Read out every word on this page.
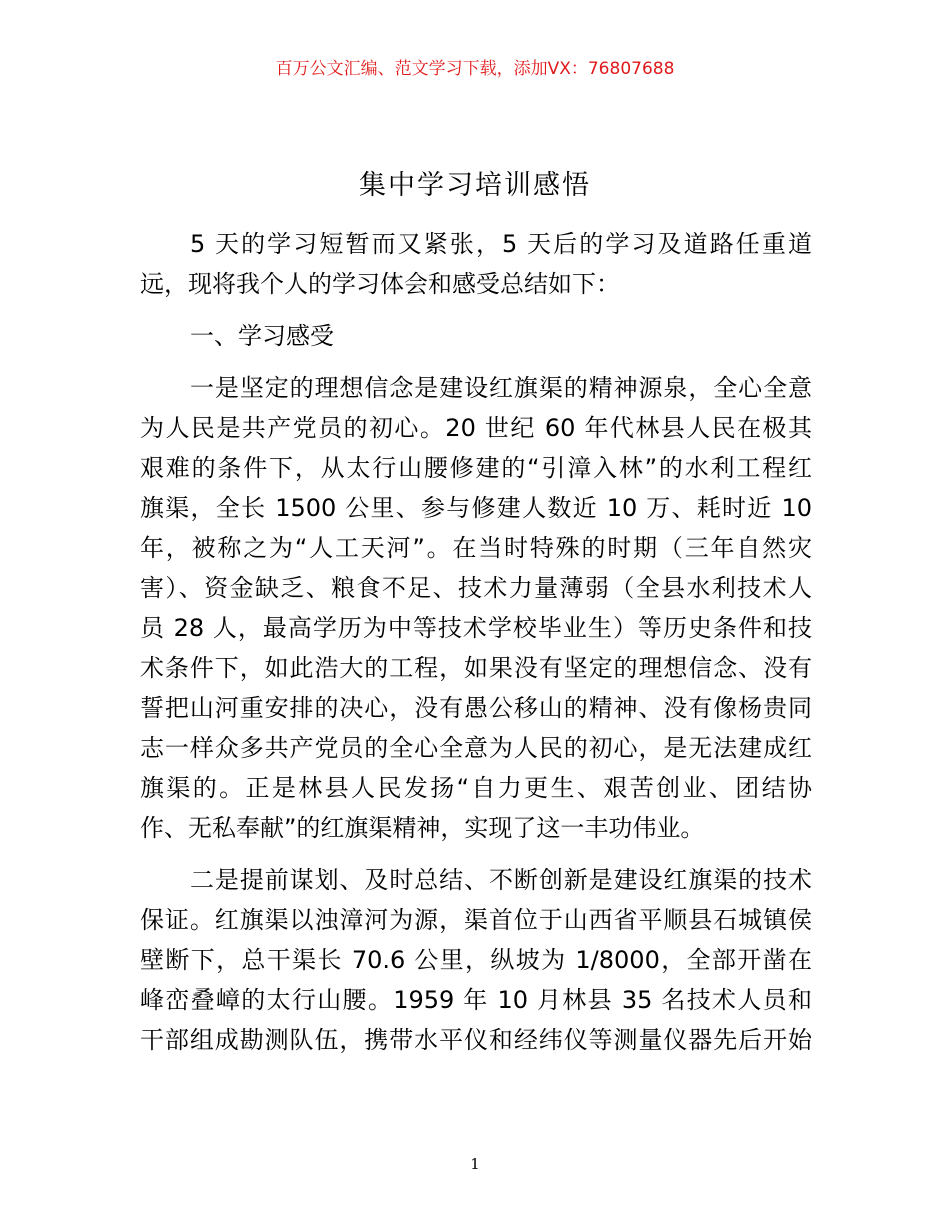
百万公文汇编、范文学习下载，添加VX：76807688
集中学习培训感悟
5 天的学习短暂而又紧张，5 天后的学习及道路任重道
远，现将我个人的学习体会和感受总结如下：
一、学习感受
一是坚定的理想信念是建设红旗渠的精神源泉，全心全意
为人民是共产党员的初心。20 世纪 60 年代林县人民在极其
艰难的条件下，从太行山腰修建的“引漳入林”的水利工程红
旗渠，全长 1500 公里、参与修建人数近 10 万、耗时近 10
年，被称之为“人工天河”。在当时特殊的时期（三年自然灾
害）、资金缺乏、粮食不足、技术力量薄弱（全县水利技术人
员 28 人，最高学历为中等技术学校毕业生）等历史条件和技
术条件下，如此浩大的工程，如果没有坚定的理想信念、没有
誓把山河重安排的决心，没有愚公移山的精神、没有像杨贵同
志一样众多共产党员的全心全意为人民的初心，是无法建成红
旗渠的。正是林县人民发扬“自力更生、艰苦创业、团结协
作、无私奉献”的红旗渠精神，实现了这一丰功伟业。
二是提前谋划、及时总结、不断创新是建设红旗渠的技术
保证。红旗渠以浊漳河为源，渠首位于山西省平顺县石城镇侯
壁断下，总干渠长 70.6 公里，纵坡为 1/8000，全部开凿在
峰峦叠嶂的太行山腰。1959 年 10 月林县 35 名技术人员和
干部组成勘测队伍，携带水平仪和经纬仪等测量仪器先后开始
1
